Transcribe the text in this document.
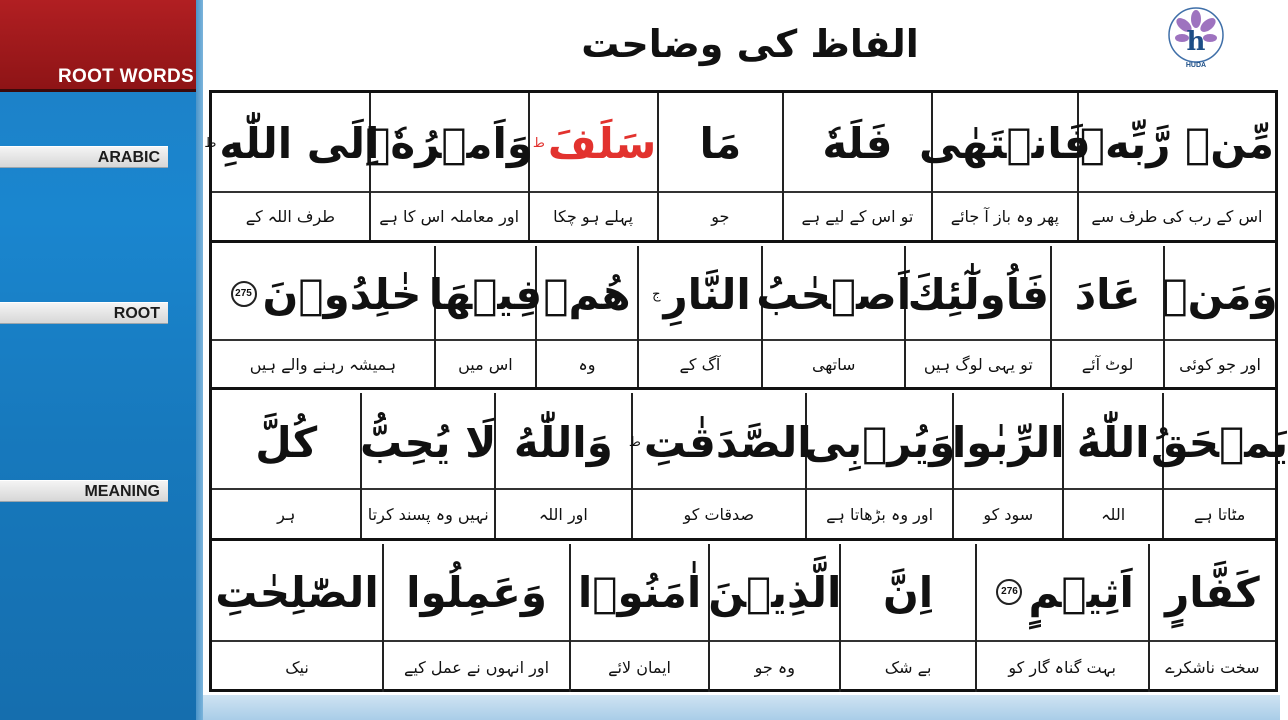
ROOT WORDS
ARABIC
ROOT
MEANING
الفاظ کی وضاحت	h
HUDA
مِّنۡ رَّبِّهٖ
اس کے رب کی طرف سے
فَانۡتَهٰى
پھر وہ باز آ جائے
فَلَهٗ
تو اس کے لیے ہے
مَا
جو
سَلَفَ
ط
پہلے ہو چکا
وَاَمۡرُهٗۤ
اور معاملہ اس کا ہے
اِلَى اللّٰهِ
ط
طرف اللہ کے
وَمَنۡ
اور جو کوئی
عَادَ
لوٹ آئے
فَاُولٰٓئِكَ
تو یہی لوگ ہیں
اَصۡحٰبُ
ساتھی
النَّارِ
ج
آگ کے
هُمۡ
وہ
فِيۡهَا
اس میں
خٰلِدُوۡنَ
275
ہمیشہ رہنے والے ہیں
يَمۡحَقُ
مٹاتا ہے
اللّٰهُ
اللہ
الرِّبٰوا
سود کو
وَيُرۡبِى
اور وہ بڑھاتا ہے
الصَّدَقٰتِ
ط
صدقات کو
وَاللّٰهُ
اور اللہ
لَا يُحِبُّ
نہیں وہ پسند کرتا
كُلَّ
ہر
كَفَّارٍ
سخت ناشکرے
اَثِيۡمٍ
276
بہت گناہ گار کو
اِنَّ
بے شک
الَّذِيۡنَ
وہ جو
اٰمَنُوۡا
ایمان لائے
وَعَمِلُوا
اور انہوں نے عمل کیے
الصّٰلِحٰتِ
نیک
